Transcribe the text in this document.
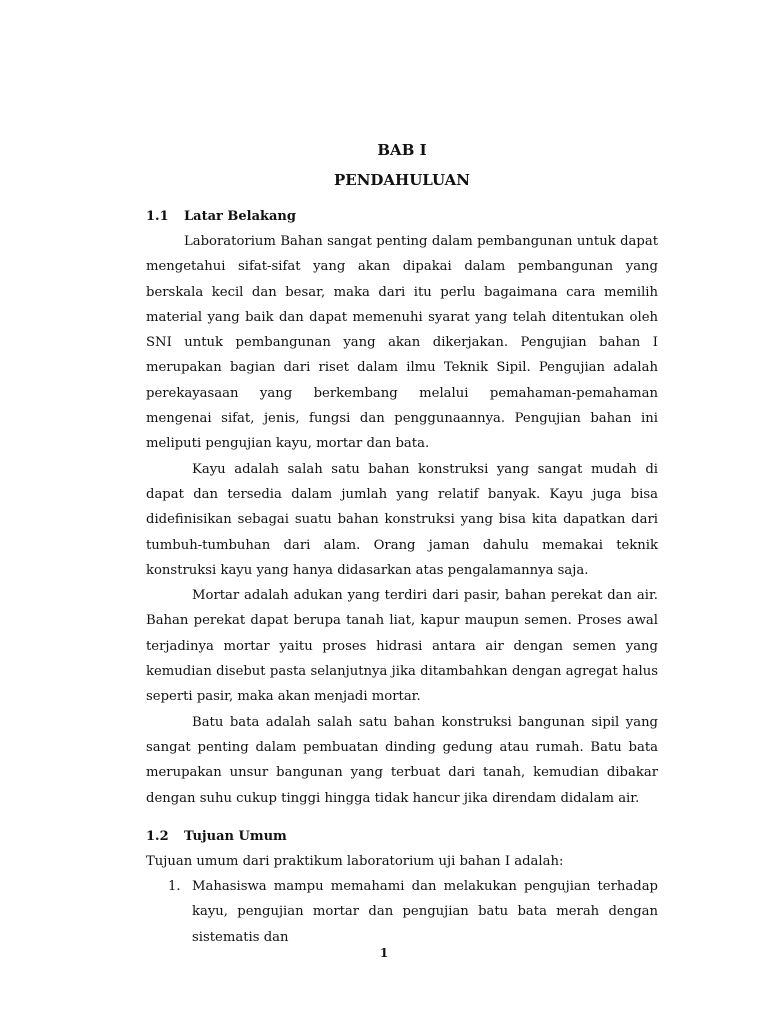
BAB I
PENDAHULUAN
1.1	Latar Belakang

Laboratorium Bahan sangat penting dalam pembangunan untuk dapat mengetahui sifat-sifat yang akan dipakai dalam pembangunan yang berskala kecil dan besar, maka dari itu perlu bagaimana cara memilih material yang baik dan dapat memenuhi syarat yang telah ditentukan oleh SNI untuk pembangunan yang akan dikerjakan. Pengujian bahan I merupakan bagian dari riset dalam ilmu Teknik Sipil. Pengujian adalah perekayasaan yang berkembang melalui pemahaman-pemahaman mengenai sifat, jenis, fungsi dan penggunaannya. Pengujian bahan ini meliputi pengujian kayu, mortar dan bata.

Kayu adalah salah satu bahan konstruksi yang sangat mudah di dapat dan tersedia dalam jumlah yang relatif banyak. Kayu juga bisa didefinisikan sebagai suatu bahan konstruksi yang bisa kita dapatkan dari tumbuh-tumbuhan dari alam. Orang jaman dahulu memakai teknik konstruksi kayu yang hanya didasarkan atas pengalamannya saja.

Mortar adalah adukan yang terdiri dari pasir, bahan perekat dan air. Bahan perekat dapat berupa tanah liat, kapur maupun semen. Proses awal terjadinya mortar yaitu proses hidrasi antara air dengan semen yang kemudian disebut pasta selanjutnya jika ditambahkan dengan agregat halus seperti pasir, maka akan menjadi mortar.

Batu bata adalah salah satu bahan konstruksi bangunan sipil yang sangat penting dalam pembuatan dinding gedung atau rumah. Batu bata merupakan unsur bangunan yang terbuat dari tanah, kemudian dibakar dengan suhu cukup tinggi hingga tidak hancur jika direndam didalam air.

1.2	Tujuan Umum

Tujuan umum dari praktikum laboratorium uji bahan I adalah:

1. Mahasiswa mampu memahami dan melakukan pengujian terhadap kayu, pengujian mortar dan pengujian batu bata merah dengan sistematis dan
1
